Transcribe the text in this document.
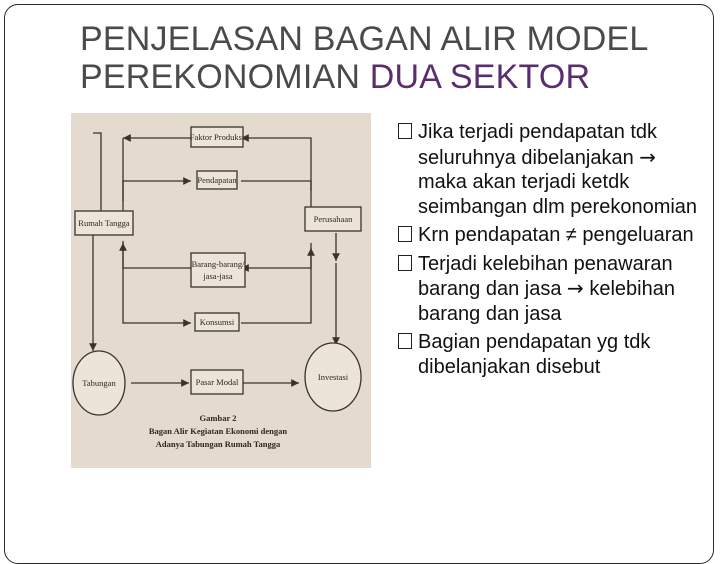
PENJELASAN BAGAN ALIR MODEL
PEREKONOMIAN DUA SEKTOR
Faktor Produksi
Pendapatan
Rumah Tangga	Perusahaan
Barang-barang/
jasa-jasa
Konsumsi
Tabungan	Pasar Modal	Investasi
Gambar 2
Bagan Alir Kegiatan Ekonomi dengan
Adanya Tabungan Rumah Tangga
Jika terjadi pendapatan tdk seluruhnya dibelanjakan → maka akan terjadi ketdk seimbangan dlm perekonomian
Krn pendapatan ≠ pengeluaran
Terjadi kelebihan penawaran barang dan jasa → kelebihan barang dan jasa
Bagian pendapatan yg tdk dibelanjakan disebut
